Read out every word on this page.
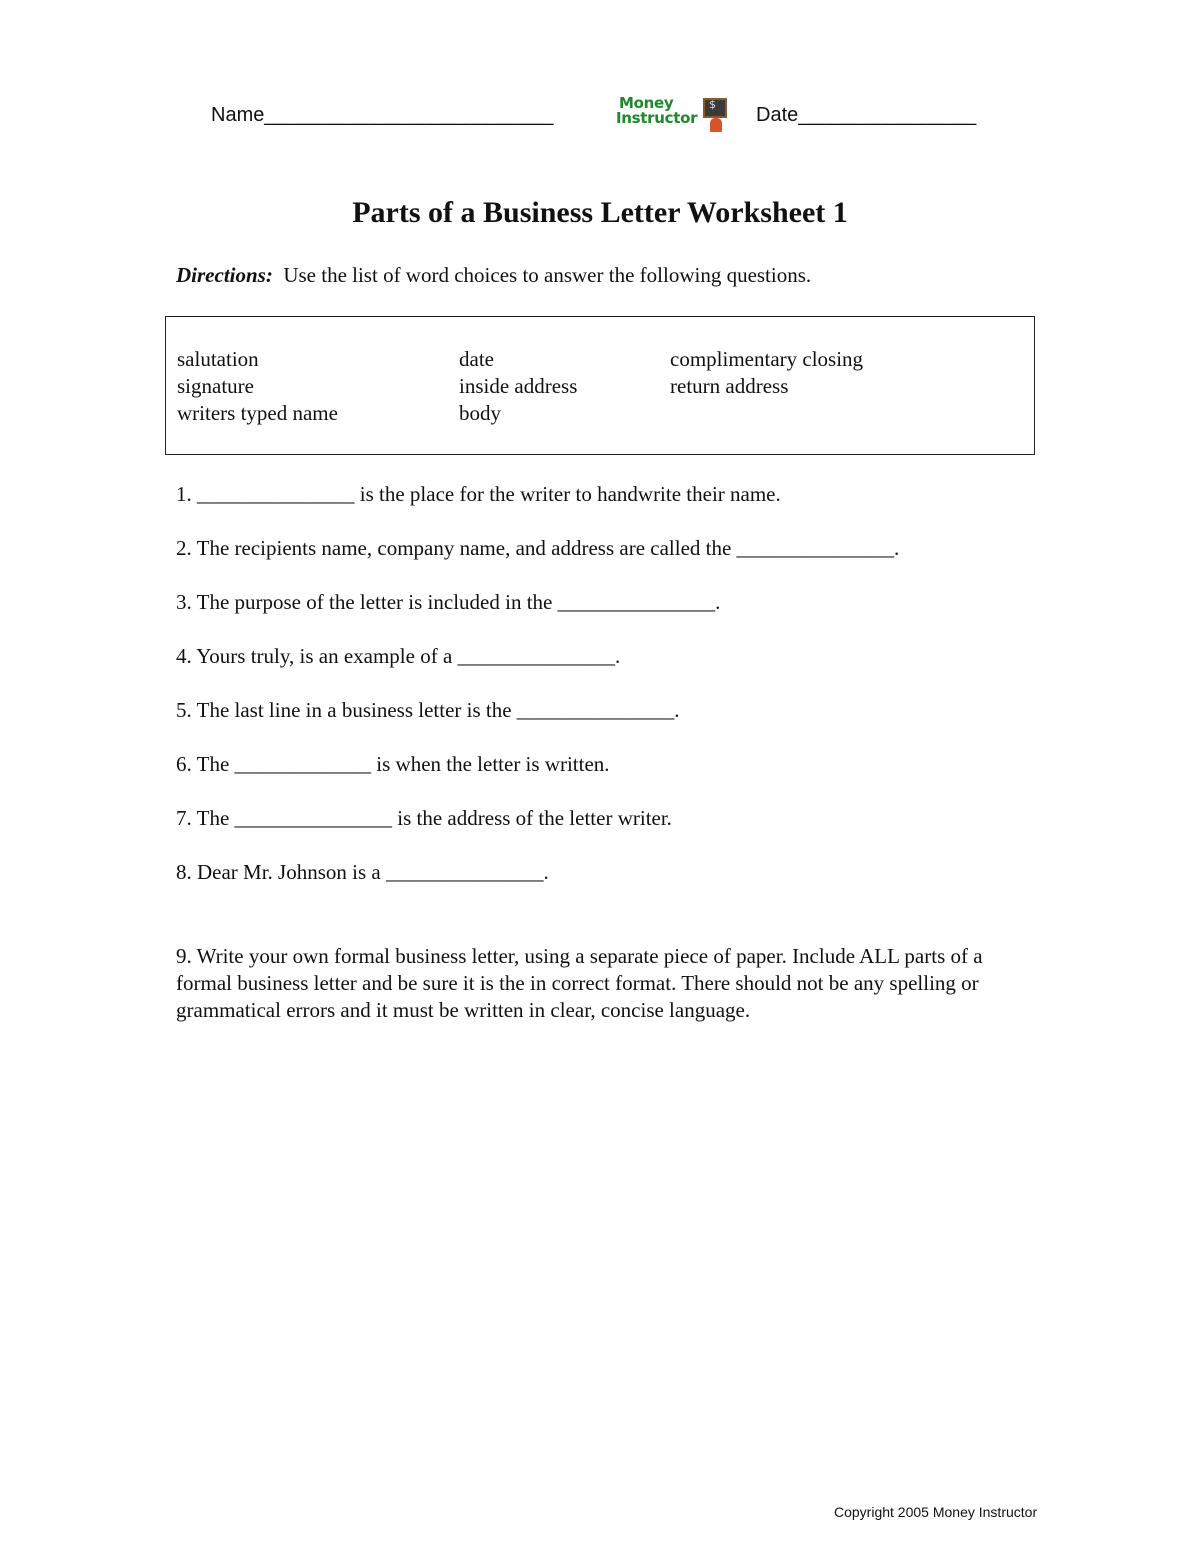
Name__________________________
Money
Instructor
$	Date________________
Parts of a Business Letter Worksheet 1
Directions:  Use the list of word choices to answer the following questions.
salutation
signature
writers typed name
date
inside address
body
complimentary closing
return address
1. _______________ is the place for the writer to handwrite their name.
2. The recipients name, company name, and address are called the _______________.
3. The purpose of the letter is included in the _______________.
4. Yours truly, is an example of a _______________.
5. The last line in a business letter is the _______________.
6. The _____________ is when the letter is written.
7. The _______________ is the address of the letter writer.
8. Dear Mr. Johnson is a _______________.

9. Write your own formal business letter, using a separate piece of paper. Include ALL parts of a formal business letter and be sure it is the in correct format. There should not be any spelling or grammatical errors and it must be written in clear, concise language.

Copyright 2005 Money Instructor
